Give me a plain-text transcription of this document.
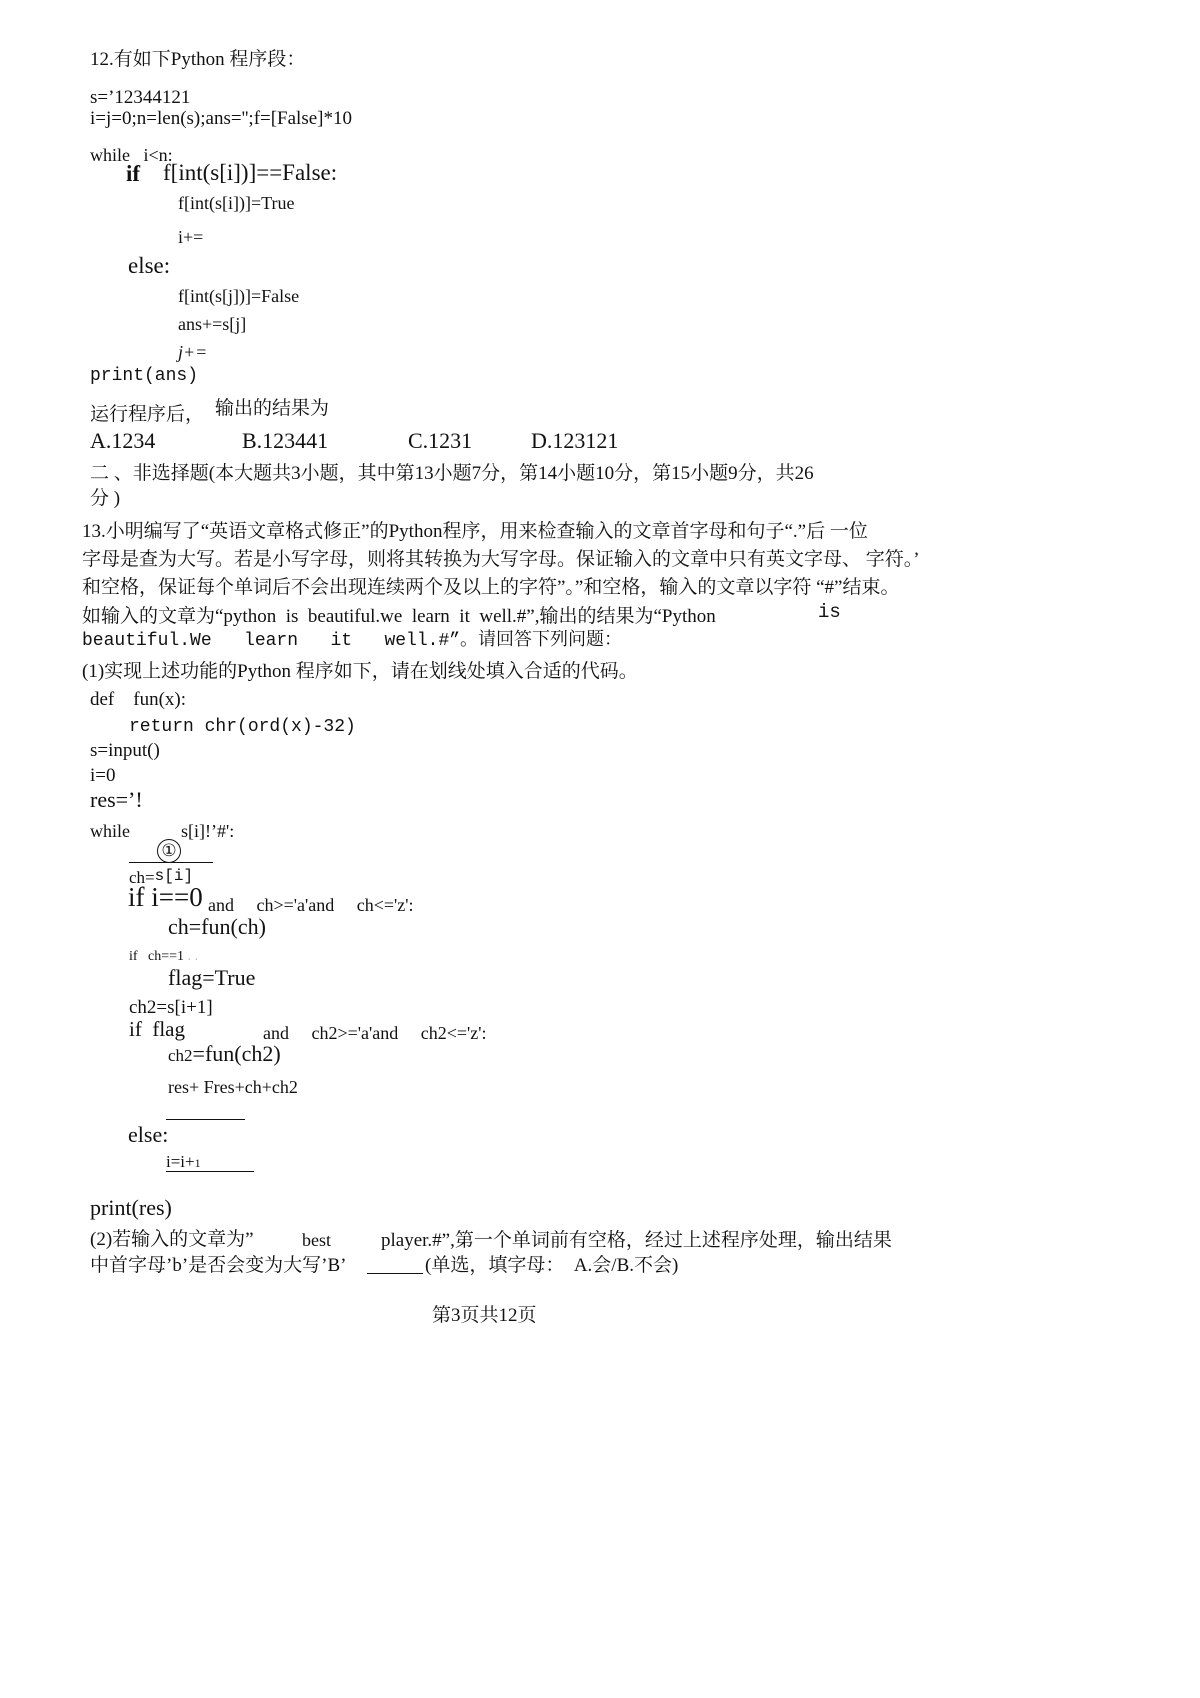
12.有如下Python 程序段：
s=’12344121
i=j=0;n=len(s);ans='';f=[False]*10
while   i<n:
if f[int(s[i])]==False:
f[int(s[i])]=True
i+=
else:
f[int(s[j])]=False
ans+=s[j]
j+=
print(ans)
运行程序后， 输出的结果为
A.1234	B.123441	C.1231	D.123121
二 、非选择题(本大题共3小题，其中第13小题7分，第14小题10分，第15小题9分，共26
分 )
13.小明编写了“英语文章格式修正”的Python程序，用来检查输入的文章首字母和句子“.”后 一位
字母是查为大写。若是小写字母，则将其转换为大写字母。保证输入的文章中只有英文字母、 字符。’
和空格，保证每个单词后不会出现连续两个及以上的字符”。”和空格，输入的文章以字符 “#”结束。
如输入的文章为“python  is  beautiful.we  learn  it  well.#”,输出的结果为“Python	is
beautiful.We   learn   it   well.#”。请回答下列问题：
(1)实现上述功能的Python 程序如下，请在划线处填入合适的代码。
def    fun(x):
return chr(ord(x)-32)
s=input()
i=0
res=’!
while	s[i]!’#':
①
ch=s[i]
if i==0 and     ch>='a'and     ch<='z':
ch=fun(ch)
if   ch==1 . .
flag=True
ch2=s[i+1]
if  flag	and     ch2>='a'and     ch2<='z':
ch2=fun(ch2)
res+ Fres+ch+ch2
else:
i=i+1
print(res)
(2)若输入的文章为”	best	player.#”,第一个单词前有空格，经过上述程序处理，输出结果
中首字母’b’是否会变为大写’B’	(单选，填字母：  A.会/B.不会)
第3页共12页
